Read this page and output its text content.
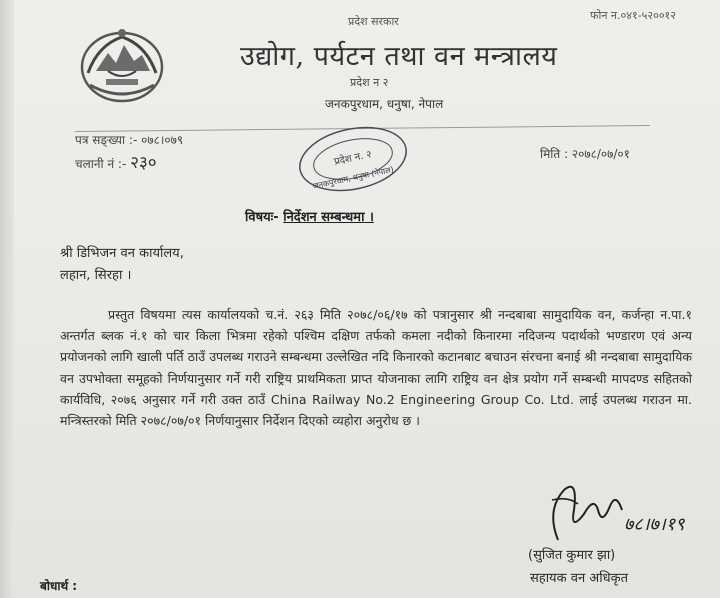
प्रदेश सरकार	फोन न.०४१-५२००१२
उद्योग, पर्यटन तथा वन मन्त्रालय
प्रदेश न २
जनकपुरधाम, धनुषा, नेपाल
पत्र सङ्ख्या :- ०७८।०७९
चलानी नं :- २३०	मिति : २०७८/०७/०१
प्रदेश न. २
जनकपुरधाम, धनुषा (नेपाल)
विषयः- निर्देशन सम्बन्धमा ।
श्री डिभिजन वन कार्यालय,
लहान, सिरहा ।
प्रस्तुत विषयमा त्यस कार्यालयको च.नं. २६३ मिति २०७८/०६/१७ को पत्रानुसार श्री नन्दबाबा सामुदायिक वन, कर्जन्हा न.पा.१ अन्तर्गत ब्लक नं.१ को चार किला भित्रमा रहेको पश्चिम दक्षिण तर्फको कमला नदीको किनारमा नदिजन्य पदार्थको भण्डारण एवं अन्य प्रयोजनको लागि खाली पर्ति ठाउँ उपलब्ध गराउने सम्बन्धमा उल्लेखित नदि किनारको कटानबाट बचाउन संरचना बनाई श्री नन्दबाबा सामुदायिक वन उपभोक्ता समूहको निर्णयानुसार गर्ने गरी राष्ट्रिय प्राथमिकता प्राप्त योजनाका लागि राष्ट्रिय वन क्षेत्र प्रयोग गर्ने सम्बन्धी मापदण्ड सहितको कार्यविधि, २०७६ अनुसार गर्ने गरी उक्त ठाउँ China Railway No.2 Engineering Group Co. Ltd. लाई उपलब्ध गराउन मा. मन्त्रिस्तरको मिति २०७८/०७/०१ निर्णयानुसार निर्देशन दिएको व्यहोरा अनुरोध छ ।
७८।७।१९
(सुजित कुमार झा)
सहायक वन अधिकृत
बोधार्थ :
